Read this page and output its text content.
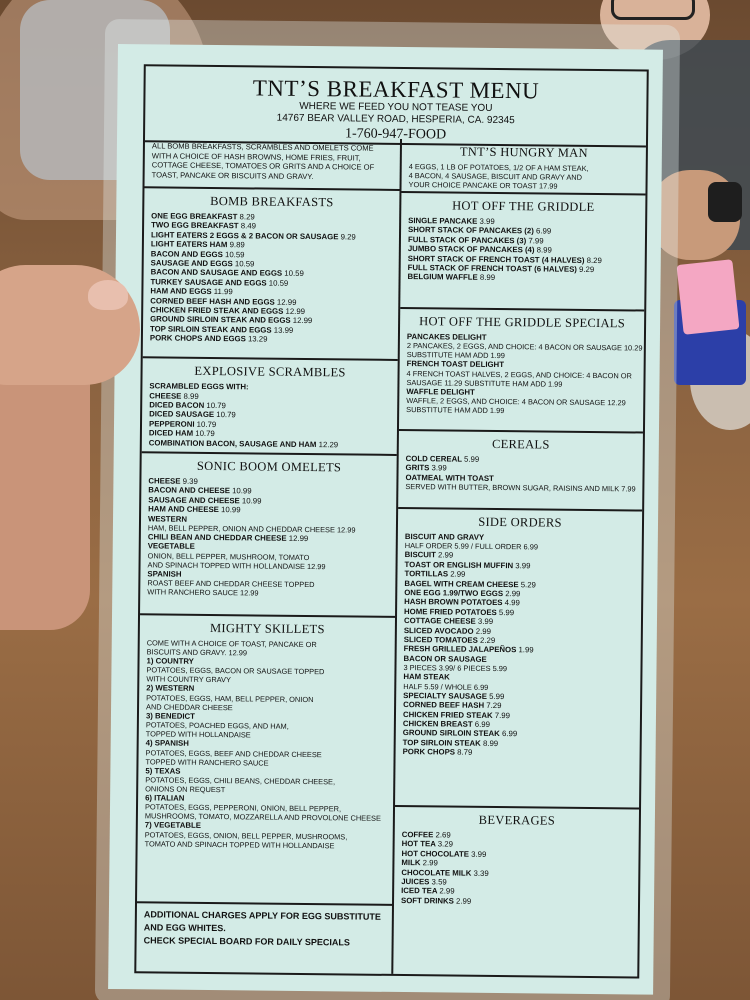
TNT’S BREAKFAST MENU
WHERE WE FEED YOU NOT TEASE YOU
14767 BEAR VALLEY ROAD, HESPERIA, CA. 92345
1-760-947-FOOD
ALL BOMB BREAKFASTS, SCRAMBLES AND OMELETS COME WITH A CHOICE OF HASH BROWNS, HOME FRIES, FRUIT, COTTAGE CHEESE, TOMATOES OR GRITS AND A CHOICE OF TOAST, PANCAKE OR BISCUITS AND GRAVY.
BOMB BREAKFASTS
ONE EGG BREAKFAST 8.29
TWO EGG BREAKFAST 8.49
LIGHT EATERS 2 EGGS & 2 BACON OR SAUSAGE 9.29
LIGHT EATERS HAM 9.89
BACON AND EGGS 10.59
SAUSAGE AND EGGS 10.59
BACON AND SAUSAGE AND EGGS 10.59
TURKEY SAUSAGE AND EGGS 10.59
HAM AND EGGS 11.99
CORNED BEEF HASH AND EGGS 12.99
CHICKEN FRIED STEAK AND EGGS 12.99
GROUND SIRLOIN STEAK AND EGGS 12.99
TOP SIRLOIN STEAK AND EGGS 13.99
PORK CHOPS AND EGGS 13.29
EXPLOSIVE SCRAMBLES
SCRAMBLED EGGS WITH:
CHEESE 8.99
DICED BACON 10.79
DICED SAUSAGE 10.79
PEPPERONI 10.79
DICED HAM 10.79
COMBINATION BACON, SAUSAGE AND HAM 12.29
SONIC BOOM OMELETS
CHEESE 9.39
BACON AND CHEESE 10.99
SAUSAGE AND CHEESE 10.99
HAM AND CHEESE 10.99
WESTERN
HAM, BELL PEPPER, ONION AND CHEDDAR CHEESE 12.99
CHILI BEAN AND CHEDDAR CHEESE 12.99
VEGETABLE
ONION, BELL PEPPER, MUSHROOM, TOMATO
AND SPINACH TOPPED WITH HOLLANDAISE 12.99
SPANISH
ROAST BEEF AND CHEDDAR CHEESE TOPPED
WITH RANCHERO SAUCE 12.99
MIGHTY SKILLETS
COME WITH A CHOICE OF TOAST, PANCAKE OR
BISCUITS AND GRAVY. 12.99
1) COUNTRY
POTATOES, EGGS, BACON OR SAUSAGE TOPPED
WITH COUNTRY GRAVY
2) WESTERN
POTATOES, EGGS, HAM, BELL PEPPER, ONION
AND CHEDDAR CHEESE
3) BENEDICT
POTATOES, POACHED EGGS, AND HAM,
TOPPED WITH HOLLANDAISE
4) SPANISH
POTATOES, EGGS, BEEF AND CHEDDAR CHEESE
TOPPED WITH RANCHERO SAUCE
5) TEXAS
POTATOES, EGGS, CHILI BEANS, CHEDDAR CHEESE,
ONIONS ON REQUEST
6) ITALIAN
POTATOES, EGGS, PEPPERONI, ONION, BELL PEPPER,
MUSHROOMS, TOMATO, MOZZARELLA AND PROVOLONE CHEESE
7) VEGETABLE
POTATOES, EGGS, ONION, BELL PEPPER, MUSHROOMS,
TOMATO AND SPINACH TOPPED WITH HOLLANDAISE
ADDITIONAL CHARGES APPLY FOR EGG SUBSTITUTE
AND EGG WHITES.
CHECK SPECIAL BOARD FOR DAILY SPECIALS
TNT’S HUNGRY MAN
4 EGGS, 1 LB OF POTATOES, 1/2 OF A HAM STEAK,
4 BACON, 4 SAUSAGE, BISCUIT AND GRAVY AND
YOUR CHOICE PANCAKE OR TOAST 17.99
HOT OFF THE GRIDDLE
SINGLE PANCAKE 3.99
SHORT STACK OF PANCAKES (2) 6.99
FULL STACK OF PANCAKES (3) 7.99
JUMBO STACK OF PANCAKES (4) 8.99
SHORT STACK OF FRENCH TOAST (4 HALVES) 8.29
FULL STACK OF FRENCH TOAST (6 HALVES) 9.29
BELGIUM WAFFLE 8.99
HOT OFF THE GRIDDLE SPECIALS
PANCAKES DELIGHT
2 PANCAKES, 2 EGGS, AND CHOICE: 4 BACON OR SAUSAGE 10.29
SUBSTITUTE HAM ADD 1.99
FRENCH TOAST DELIGHT
4 FRENCH TOAST HALVES, 2 EGGS, AND CHOICE: 4 BACON OR
SAUSAGE 11.29 SUBSTITUTE HAM ADD 1.99
WAFFLE DELIGHT
WAFFLE, 2 EGGS, AND CHOICE: 4 BACON OR SAUSAGE 12.29
SUBSTITUTE HAM ADD 1.99
CEREALS
COLD CEREAL 5.99
GRITS 3.99
OATMEAL WITH TOAST
SERVED WITH BUTTER, BROWN SUGAR, RAISINS AND MILK 7.99
SIDE ORDERS
BISCUIT AND GRAVY
HALF ORDER 5.99 / FULL ORDER 6.99
BISCUIT 2.99
TOAST OR ENGLISH MUFFIN 3.99
TORTILLAS 2.99
BAGEL WITH CREAM CHEESE 5.29
ONE EGG 1.99/TWO EGGS 2.99
HASH BROWN POTATOES 4.99
HOME FRIED POTATOES 5.99
COTTAGE CHEESE 3.99
SLICED AVOCADO 2.99
SLICED TOMATOES 2.29
FRESH GRILLED JALAPEÑOS 1.99
BACON OR SAUSAGE
3 PIECES 3.99/ 6 PIECES 5.99
HAM STEAK
HALF 5.59 / WHOLE 6.99
SPECIALTY SAUSAGE 5.99
CORNED BEEF HASH 7.29
CHICKEN FRIED STEAK 7.99
CHICKEN BREAST 6.99
GROUND SIRLOIN STEAK 6.99
TOP SIRLOIN STEAK 8.99
PORK CHOPS 8.79
BEVERAGES
COFFEE 2.69
HOT TEA 3.29
HOT CHOCOLATE 3.99
MILK 2.99
CHOCOLATE MILK 3.39
JUICES 3.59
ICED TEA 2.99
SOFT DRINKS 2.99
